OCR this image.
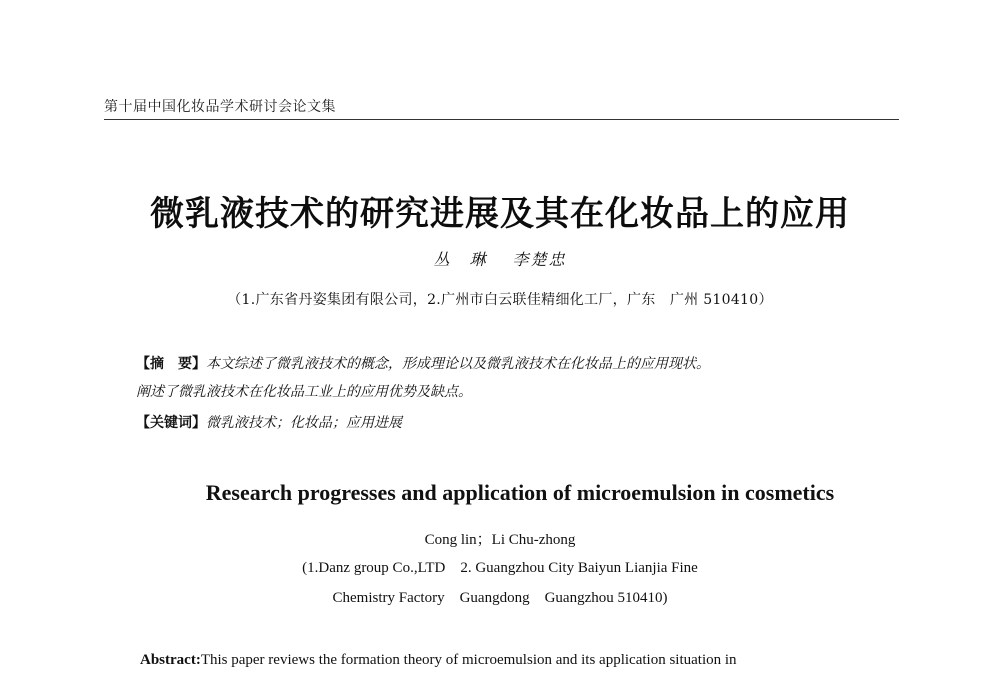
第十届中国化妆品学术研讨会论文集
微乳液技术的研究进展及其在化妆品上的应用
丛　琳 李楚忠
（1.广东省丹姿集团有限公司，2.广州市白云联佳精细化工厂，广东　广州 510410）
【摘　要】本文综述了微乳液技术的概念，形成理论以及微乳液技术在化妆品上的应用现状。
阐述了微乳液技术在化妆品工业上的应用优势及缺点。
【关键词】微乳液技术；化妆品；应用进展
Research progresses and application of microemulsion in cosmetics
Cong lin；Li Chu-zhong
(1.Danz group Co.,LTD    2. Guangzhou City Baiyun Lianjia Fine
Chemistry Factory    Guangdong    Guangzhou 510410)
Abstract:This paper reviews the formation theory of microemulsion and its application situation in
